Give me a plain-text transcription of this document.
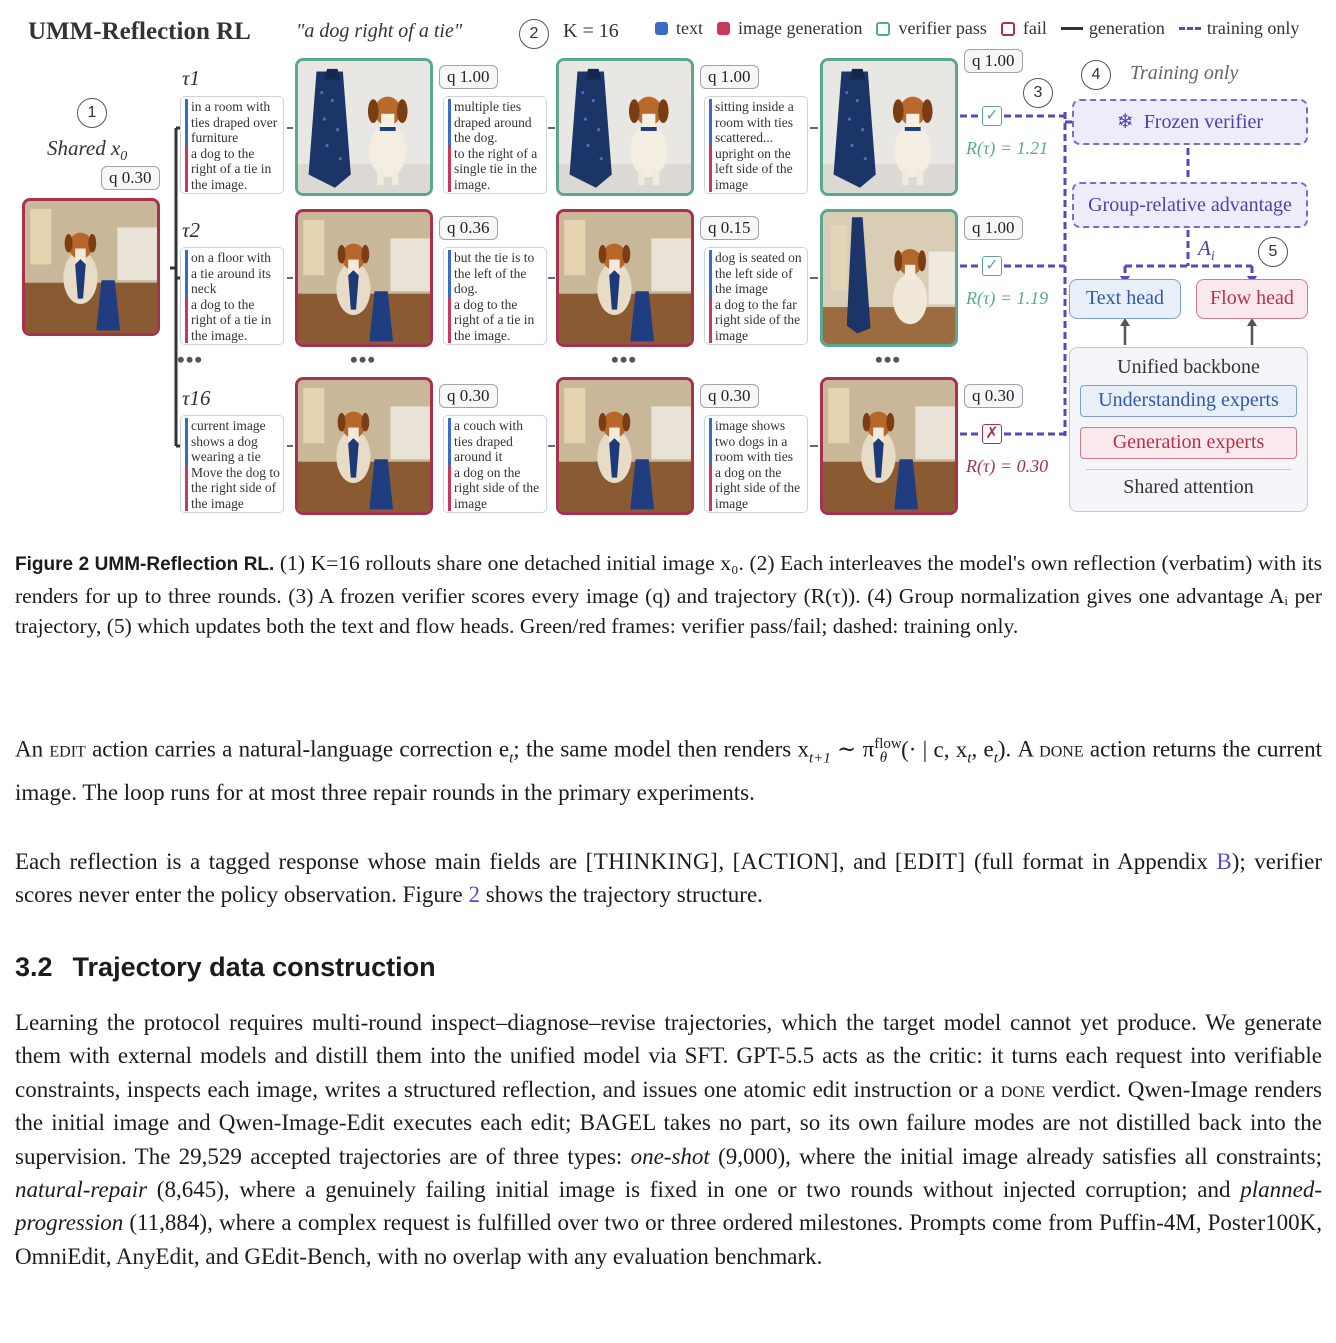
UMM-Reflection RL "a dog right of a tie"	2	K = 16	text image generation verifier pass fail generation training only
1
Shared $x_0$
q 0.30
τ1
in a room with ties draped over furniture
a dog to the right of a tie in the image.
q 1.00
multiple ties draped around the dog.
to the right of a single tie in the image.
q 1.00
sitting inside a room with ties scattered...
upright on the left side of the image
q 1.00
✓
R(τ) = 1.21
3
τ2
on a floor with a tie around its neck
a dog to the right of a tie in the image.
q 0.36
but the tie is to the left of the dog.
a dog to the right of a tie in the image.
q 0.15
dog is seated on the left side of the image
a dog to the far right side of the image
q 1.00
✓
R(τ) = 1.19
•••	•••	•••	•••
τ16
current image shows a dog wearing a tie
Move the dog to the right side of the image
q 0.30
a couch with ties draped around it
a dog on the right side of the image
q 0.30
image shows two dogs in a room with ties
a dog on the right side of the image
q 0.30
✗
R(τ) = 0.30
4	Training only
❄ Frozen verifier
Group-relative advantage
$A_i$	5
Text head	Flow head
Unified backbone
Understanding experts
Generation experts
Shared attention
Figure 2 UMM-Reflection RL. (1) K=16 rollouts share one detached initial image x₀. (2) Each interleaves the model's own reflection (verbatim) with its renders for up to three rounds. (3) A frozen verifier scores every image (q) and trajectory (R(τ)). (4) Group normalization gives one advantage Aᵢ per trajectory, (5) which updates both the text and flow heads. Green/red frames: verifier pass/fail; dashed: training only.
An edit action carries a natural-language correction $e_t$; the same model then renders $x_{t+1}$ ∼ $\pi^{flow}_\theta$ (· | c, $x_t$, $e_t$). A done action returns the current image. The loop runs for at most three repair rounds in the primary experiments.
Each reflection is a tagged response whose main fields are [THINKING], [ACTION], and [EDIT] (full format in Appendix B); verifier scores never enter the policy observation. Figure 2 shows the trajectory structure.
3.2 Trajectory data construction
Learning the protocol requires multi-round inspect–diagnose–revise trajectories, which the target model cannot yet produce. We generate them with external models and distill them into the unified model via SFT. GPT-5.5 acts as the critic: it turns each request into verifiable constraints, inspects each image, writes a structured reflection, and issues one atomic edit instruction or a done verdict. Qwen-Image renders the initial image and Qwen-Image-Edit executes each edit; BAGEL takes no part, so its own failure modes are not distilled back into the supervision. The 29,529 accepted trajectories are of three types: one-shot (9,000), where the initial image already satisfies all constraints; natural-repair (8,645), where a genuinely failing initial image is fixed in one or two rounds without injected corruption; and planned-progression (11,884), where a complex request is fulfilled over two or three ordered milestones. Prompts come from Puffin-4M, Poster100K, OmniEdit, AnyEdit, and GEdit-Bench, with no overlap with any evaluation benchmark.
